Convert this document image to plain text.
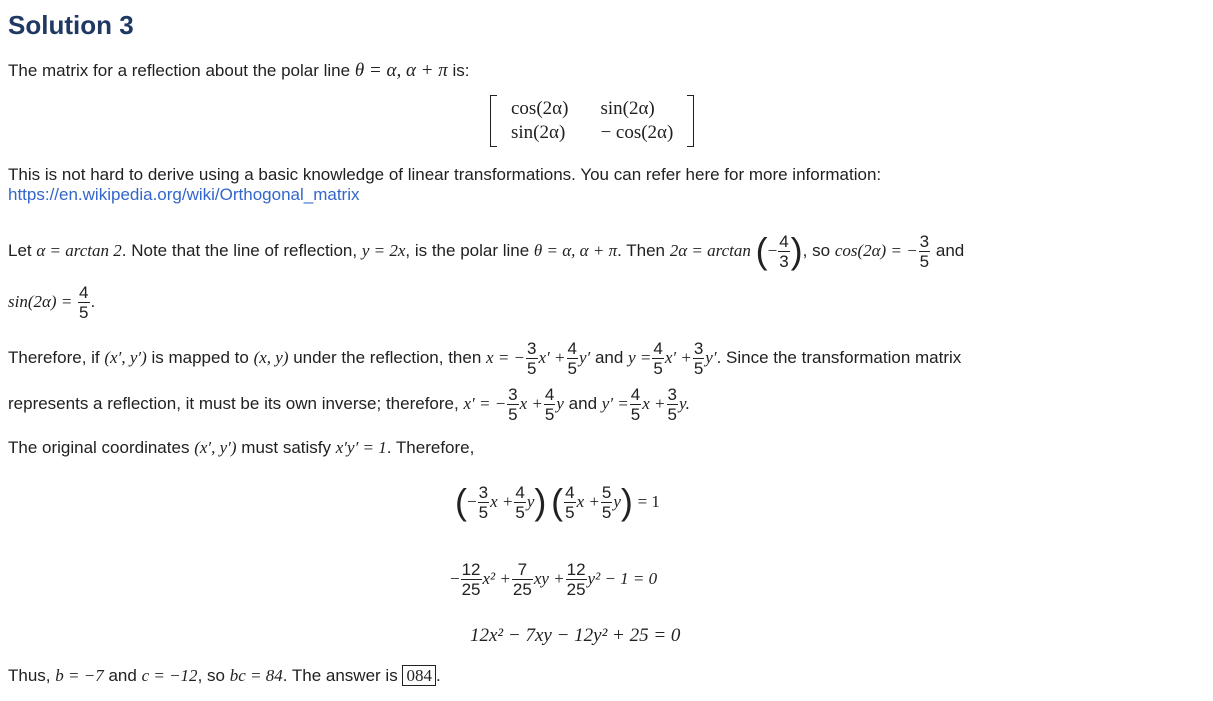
Solution 3
The matrix for a reflection about the polar line θ = α, α + π is:
cos(2α) sin(2α)
sin(2α) − cos(2α)
This is not hard to derive using a basic knowledge of linear transformations. You can refer here for more information:
https://en.wikipedia.org/wiki/Orthogonal_matrix
Let
α = arctan 2 . Note that the line of reflection,
y = 2x , is the polar line
θ = α, α + π . Then
2α = arctan
( − $\frac{4}{3}$ ) , so
cos(2α) = − $\frac{3}{5}$
and
sin(2α) =
$\frac{4}{5}$ .
Therefore, if
(x′, y′)
is mapped to
(x, y)
under the reflection, then
x = − $\frac{3}{5} x' + \frac{4}{5} y'$
and
$y = \frac{4}{5} x' + \frac{3}{5} y'$ . Since the transformation matrix
represents a reflection, it must be its own inverse; therefore,
x′ = − $\frac{3}{5}$ $x + \frac{4}{5}$ y
and
$y' = \frac{4}{5}$ $x + \frac{3}{5} y$.
The original coordinates (x′, y′) must satisfy x′y′ = 1. Therefore,
( − $\frac{3}{5}$ $x + \frac{4}{5}$ y )
( $\frac{4}{5}$ $x + \frac{5}{5}$ y )
= 1
− $\frac{12}{25} x^2 + \frac{7}{25}$ xy + $\frac{12}{25} y^2 - 1 = 0$
12x² − 7xy − 12y² + 25 = 0
Thus, b = −7 and c = −12, so bc = 84. The answer is 084 .
